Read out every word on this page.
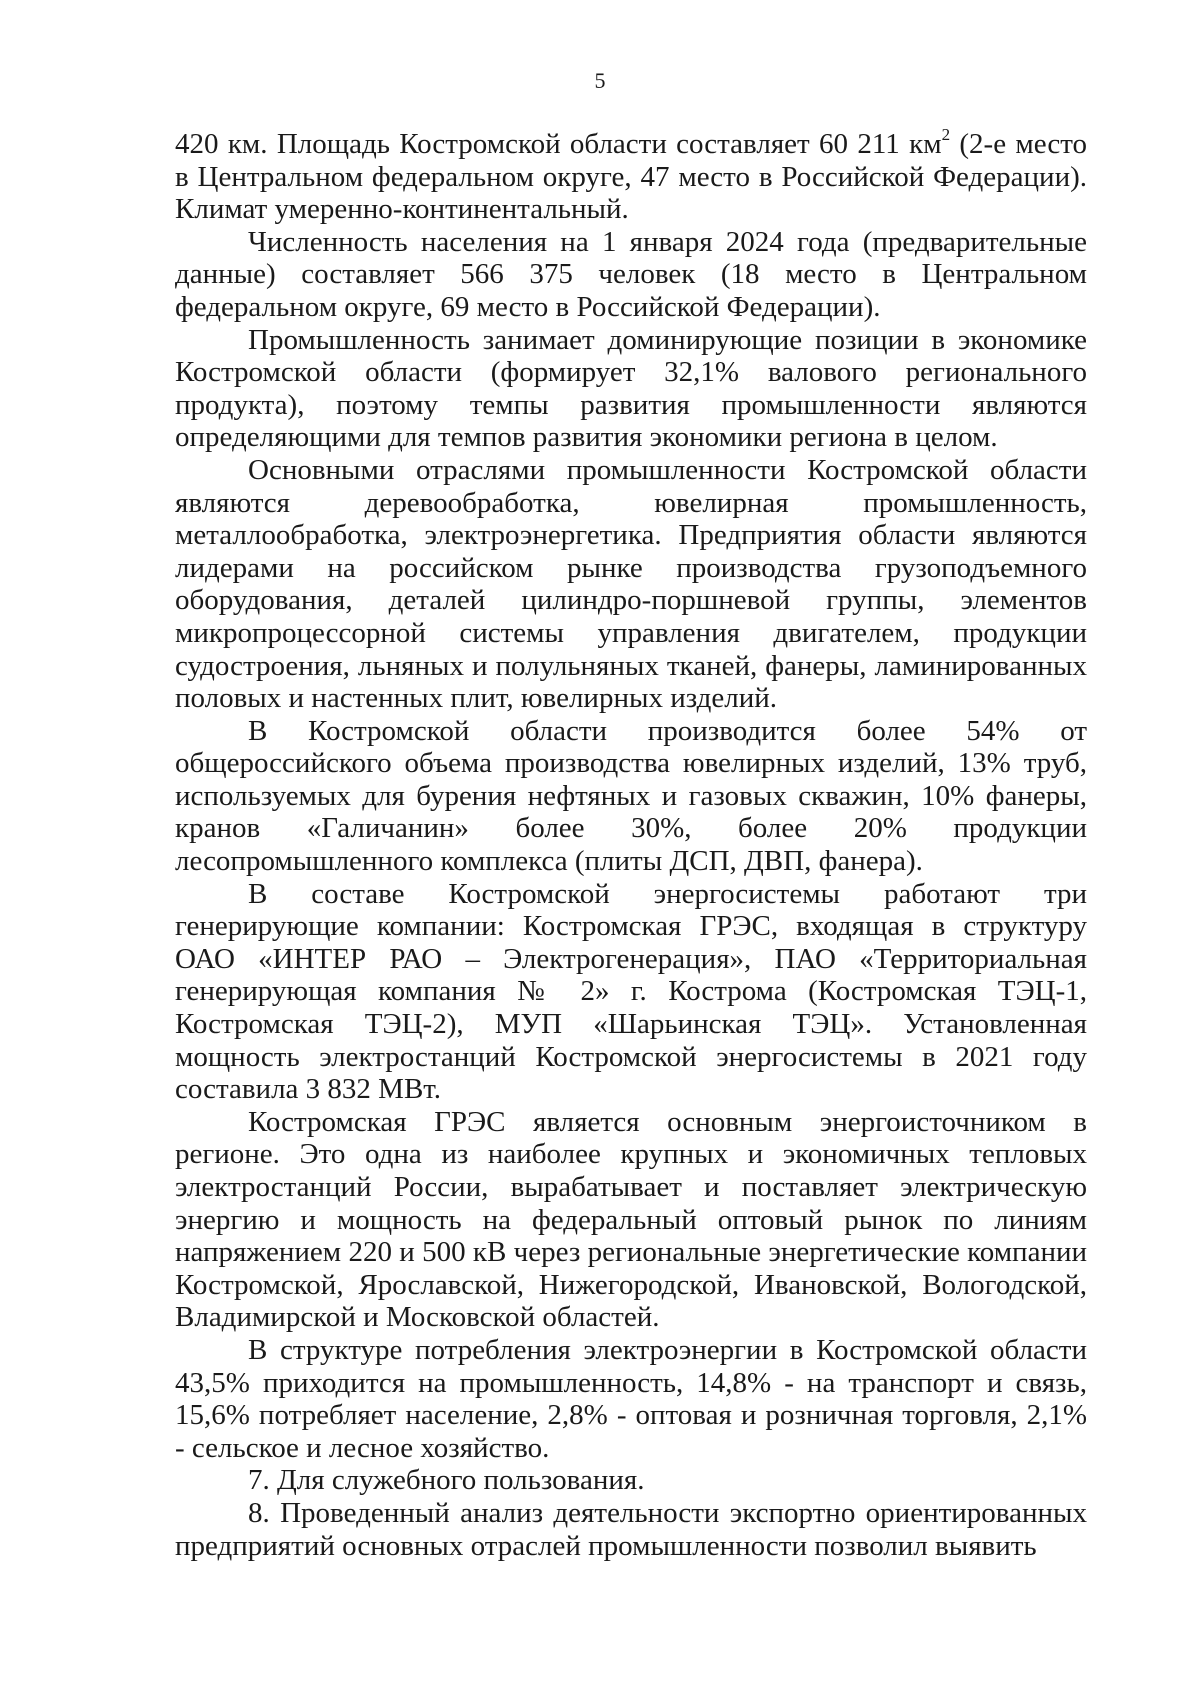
5

420 км. Площадь Костромской области составляет 60 211 $км^2$ (2-е место в Центральном федеральном округе, 47 место в Российской Федерации). Климат умеренно-континентальный.

Численность населения на 1 января 2024 года (предварительные данные) составляет 566 375 человек (18 место в Центральном федеральном округе, 69 место в Российской Федерации).

Промышленность занимает доминирующие позиции в экономике Костромской области (формирует 32,1% валового регионального продукта), поэтому темпы развития промышленности являются определяющими для темпов развития экономики региона в целом.

Основными отраслями промышленности Костромской области являются деревообработка, ювелирная промышленность, металлообработка, электроэнергетика. Предприятия области являются лидерами на российском рынке производства грузоподъемного оборудования, деталей цилиндро-поршневой группы, элементов микропроцессорной системы управления двигателем, продукции судостроения, льняных и полульняных тканей, фанеры, ламинированных половых и настенных плит, ювелирных изделий.

В Костромской области производится более 54% от общероссийского объема производства ювелирных изделий, 13% труб, используемых для бурения нефтяных и газовых скважин, 10% фанеры, кранов «Галичанин» более 30%, более 20% продукции лесопромышленного комплекса (плиты ДСП, ДВП, фанера).

В составе Костромской энергосистемы работают три генерирующие компании: Костромская ГРЭС, входящая в структуру ОАО «ИНТЕР РАО – Электрогенерация», ПАО «Территориальная генерирующая компания № 2» г. Кострома (Костромская ТЭЦ-1, Костромская ТЭЦ-2), МУП «Шарьинская ТЭЦ». Установленная мощность электростанций Костромской энергосистемы в 2021 году составила 3 832 МВт.

Костромская ГРЭС является основным энергоисточником в регионе. Это одна из наиболее крупных и экономичных тепловых электростанций России, вырабатывает и поставляет электрическую энергию и мощность на федеральный оптовый рынок по линиям напряжением 220 и 500 кВ через региональные энергетические компании Костромской, Ярославской, Нижегородской, Ивановской, Вологодской, Владимирской и Московской областей.

В структуре потребления электроэнергии в Костромской области 43,5% приходится на промышленность, 14,8% - на транспорт и связь, 15,6% потребляет население, 2,8% - оптовая и розничная торговля, 2,1% - сельское и лесное хозяйство.

7. Для служебного пользования.

8. Проведенный анализ деятельности экспортно ориентированных предприятий основных отраслей промышленности позволил выявить
